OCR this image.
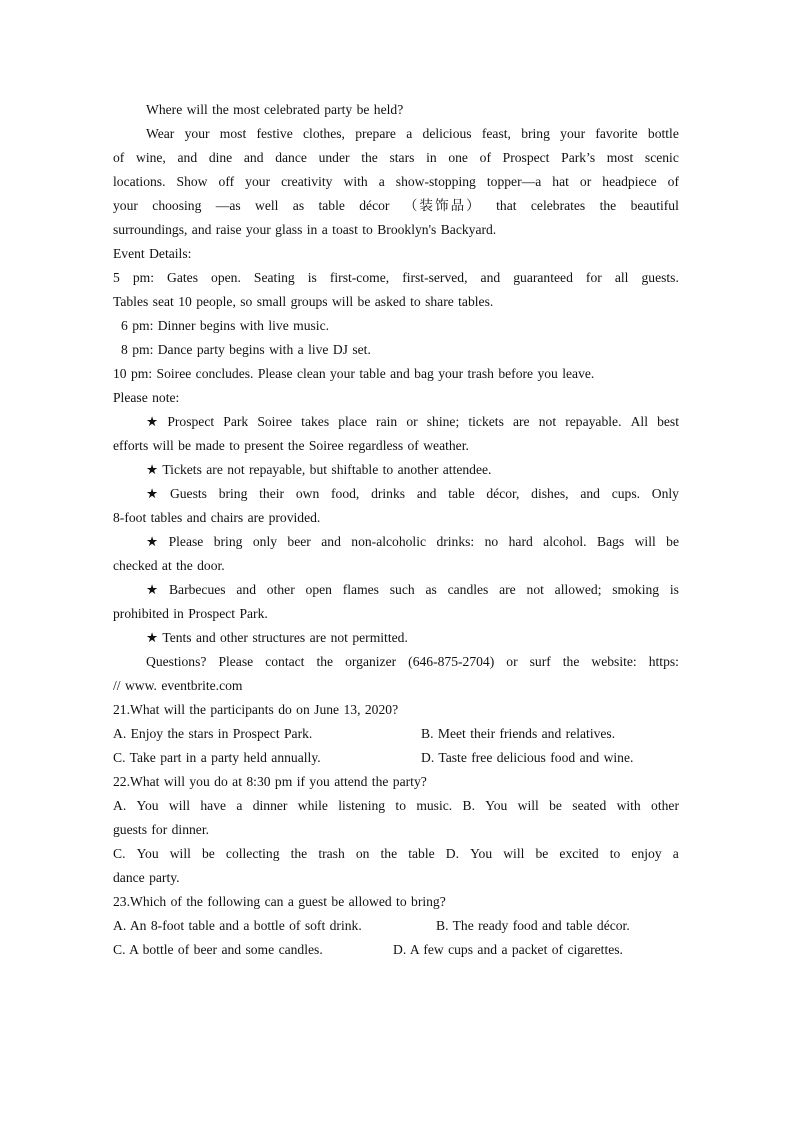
Where will the most celebrated party be held?
Wear your most festive clothes, prepare a delicious feast, bring your favorite bottle
of wine, and dine and dance under the stars in one of Prospect Park’s most scenic
locations. Show off your creativity with a show-stopping topper—a hat or headpiece of
your choosing —as well as table décor （装饰品） that celebrates the beautiful
surroundings, and raise your glass in a toast to Brooklyn's Backyard.
Event Details:
5 pm: Gates open. Seating is first-come, first-served, and guaranteed for all guests.
Tables seat 10 people, so small groups will be asked to share tables.
6 pm: Dinner begins with live music.
8 pm: Dance party begins with a live DJ set.
10 pm: Soiree concludes. Please clean your table and bag your trash before you leave.
Please note:
★ Prospect Park Soiree takes place rain or shine; tickets are not repayable. All best
efforts will be made to present the Soiree regardless of weather.
★ Tickets are not repayable, but shiftable to another attendee.
★ Guests bring their own food, drinks and table décor, dishes, and cups. Only
8-foot tables and chairs are provided.
★ Please bring only beer and non-alcoholic drinks: no hard alcohol. Bags will be
checked at the door.
★ Barbecues and other open flames such as candles are not allowed; smoking is
prohibited in Prospect Park.
★ Tents and other structures are not permitted.
Questions? Please contact the organizer (646-875-2704) or surf the website: https:
// www. eventbrite.com
21.What will the participants do on June 13, 2020?
A. Enjoy the stars in Prospect Park.	B. Meet their friends and relatives.
C. Take part in a party held annually.	D. Taste free delicious food and wine.
22.What will you do at 8:30 pm if you attend the party?
A. You will have a dinner while listening to music. B. You will be seated with other
guests for dinner.
C. You will be collecting the trash on the table D. You will be excited to enjoy a
dance party.
23.Which of the following can a guest be allowed to bring?
A. An 8-foot table and a bottle of soft drink.	B. The ready food and table décor.
C. A bottle of beer and some candles.	D. A few cups and a packet of cigarettes.
